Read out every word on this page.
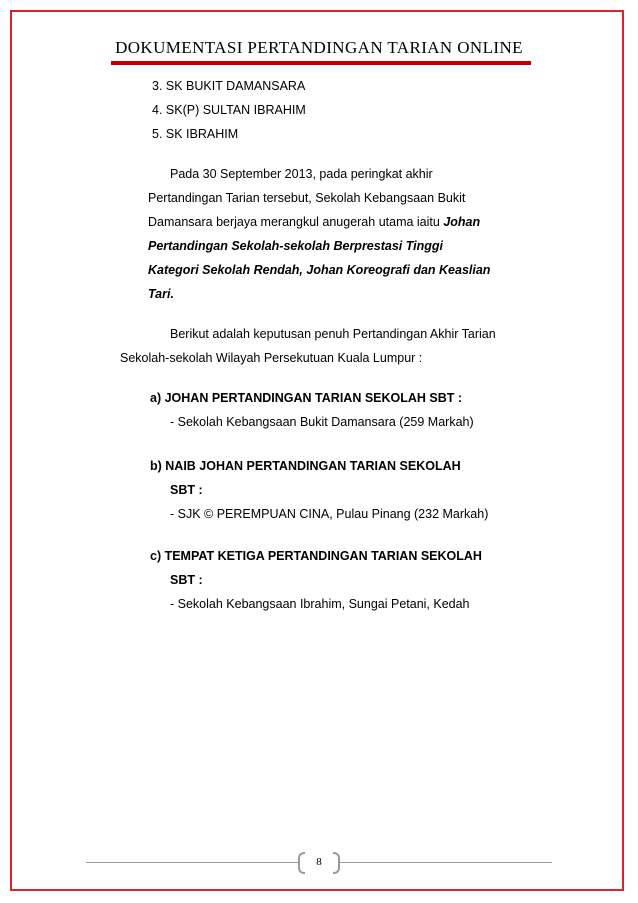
DOKUMENTASI PERTANDINGAN TARIAN ONLINE
3. SK BUKIT DAMANSARA
4. SK(P) SULTAN IBRAHIM
5. SK IBRAHIM
Pada 30 September 2013, pada peringkat akhir
Pertandingan Tarian tersebut, Sekolah Kebangsaan Bukit
Damansara berjaya merangkul anugerah utama iaitu Johan
Pertandingan Sekolah-sekolah Berprestasi Tinggi
Kategori Sekolah Rendah, Johan Koreografi dan Keaslian
Tari.
Berikut adalah keputusan penuh Pertandingan Akhir Tarian
Sekolah-sekolah Wilayah Persekutuan Kuala Lumpur :
a) JOHAN PERTANDINGAN TARIAN SEKOLAH SBT :
- Sekolah Kebangsaan Bukit Damansara (259 Markah)
b) NAIB JOHAN PERTANDINGAN TARIAN SEKOLAH
SBT :
- SJK © PEREMPUAN CINA, Pulau Pinang (232 Markah)
c) TEMPAT KETIGA PERTANDINGAN TARIAN SEKOLAH
SBT :
- Sekolah Kebangsaan Ibrahim, Sungai Petani, Kedah
8
